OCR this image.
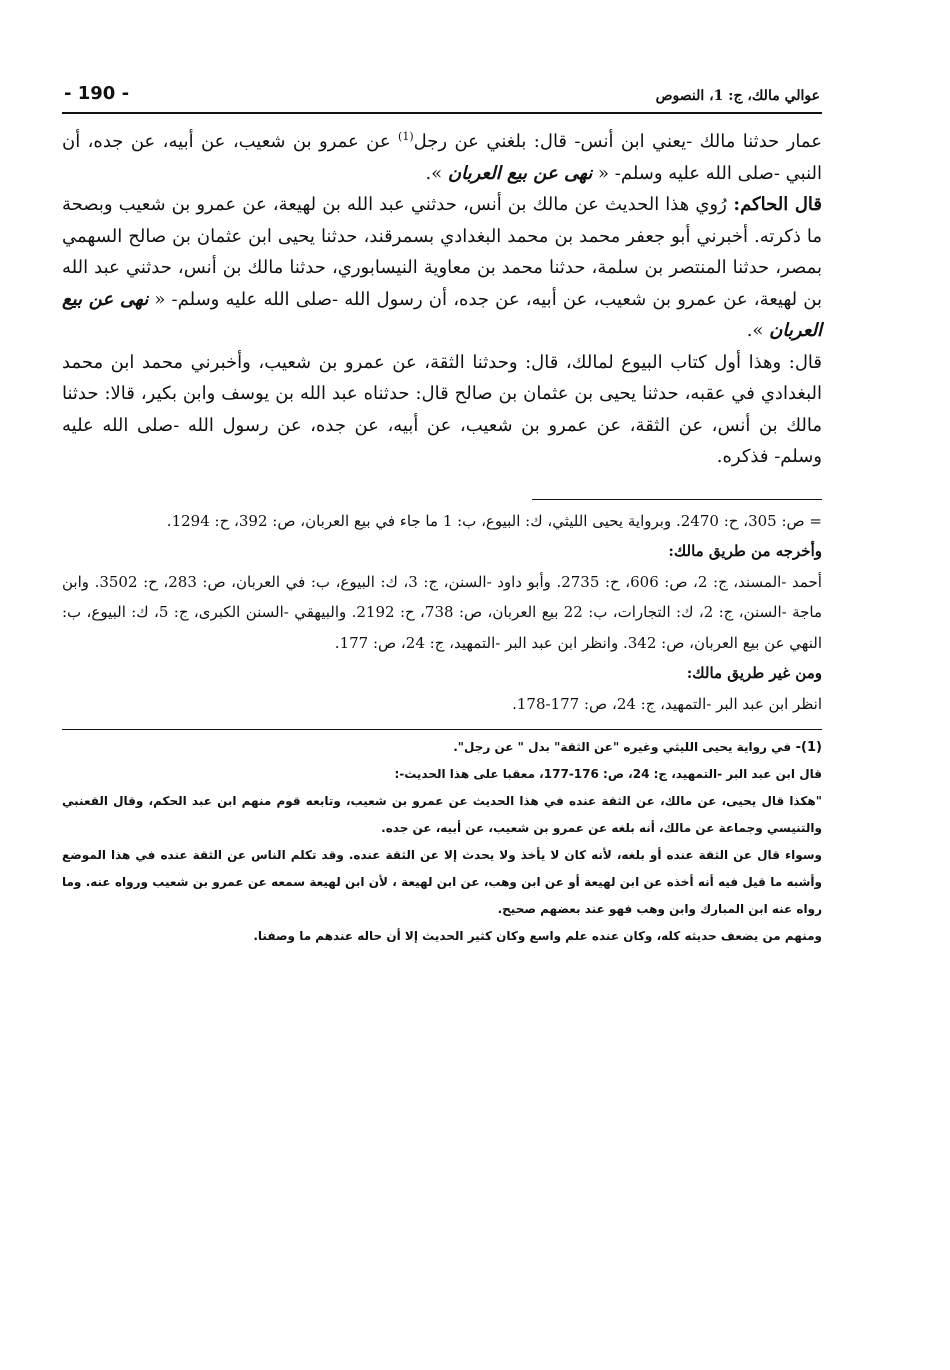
عوالي مالك، ج: 1، النصوص
- 190 -

عمار حدثنا مالك -يعني ابن أنس- قال: بلغني عن رجل$^{(1)}$ عن عمرو بن شعيب، عن أبيه، عن جده، أن النبي -صلى الله عليه وسلم- « نهى عن بيع العربان ».

قال الحاكم: رُوي هذا الحديث عن مالك بن أنس، حدثني عبد الله بن لهيعة، عن عمرو بن شعيب وبصحة ما ذكرته. أخبرني أبو جعفر محمد بن محمد البغدادي بسمرقند، حدثنا يحيى ابن عثمان بن صالح السهمي بمصر، حدثنا المنتصر بن سلمة، حدثنا محمد بن معاوية النيسابوري، حدثنا مالك بن أنس، حدثني عبد الله بن لهيعة، عن عمرو بن شعيب، عن أبيه، عن جده، أن رسول الله -صلى الله عليه وسلم- « نهى عن بيع العربان ».

قال: وهذا أول كتاب البيوع لمالك، قال: وحدثنا الثقة، عن عمرو بن شعيب، وأخبرني محمد ابن محمد البغدادي في عقبه، حدثنا يحيى بن عثمان بن صالح قال: حدثناه عبد الله بن يوسف وابن بكير، قالا: حدثنا مالك بن أنس، عن الثقة، عن عمرو بن شعيب، عن أبيه، عن جده، عن رسول الله -صلى الله عليه وسلم- فذكره.

= ص: 305، ح: 2470. وبرواية يحيى الليثي، ك: البيوع، ب: 1 ما جاء في بيع العربان، ص: 392، ح: 1294.

وأخرجه من طريق مالك:

أحمد -المسند، ج: 2، ص: 606، ح: 2735. وأبو داود -السنن، ج: 3، ك: البيوع، ب: في العربان، ص: 283، ح: 3502. وابن ماجة -السنن، ج: 2، ك: التجارات، ب: 22 بيع العربان، ص: 738، ح: 2192. والبيهقي -السنن الكبرى، ج: 5، ك: البيوع، ب: النهي عن بيع العربان، ص: 342. وانظر ابن عبد البر -التمهيد، ج: 24، ص: 177.

ومن غير طريق مالك:

انظر ابن عبد البر -التمهيد، ج: 24، ص: 177-178.

(1)- في رواية يحيى الليثي وغيره "عن الثقة" بدل " عن رجل".

قال ابن عبد البر -التمهيد، ج: 24، ص: 176-177، معقبا على هذا الحديث-:

"هكذا قال يحيى، عن مالك، عن الثقة عنده في هذا الحديث عن عمرو بن شعيب، وتابعه قوم منهم ابن عبد الحكم، وقال القعنبي والتنيسي وجماعة عن مالك، أنه بلغه عن عمرو بن شعيب، عن أبيه، عن جده.

وسواء قال عن الثقة عنده أو بلغه، لأنه كان لا يأخذ ولا يحدث إلا عن الثقة عنده. وقد تكلم الناس عن الثقة عنده في هذا الموضع وأشبه ما قيل فيه أنه أخذه عن ابن لهيعة أو عن ابن وهب، عن ابن لهيعة ، لأن ابن لهيعة سمعه عن عمرو بن شعيب ورواه عنه. وما رواه عنه ابن المبارك وابن وهب فهو عند بعضهم صحيح.

ومنهم من يضعف حديثه كله، وكان عنده علم واسع وكان كثير الحديث إلا أن حاله عندهم ما وصفنا.
